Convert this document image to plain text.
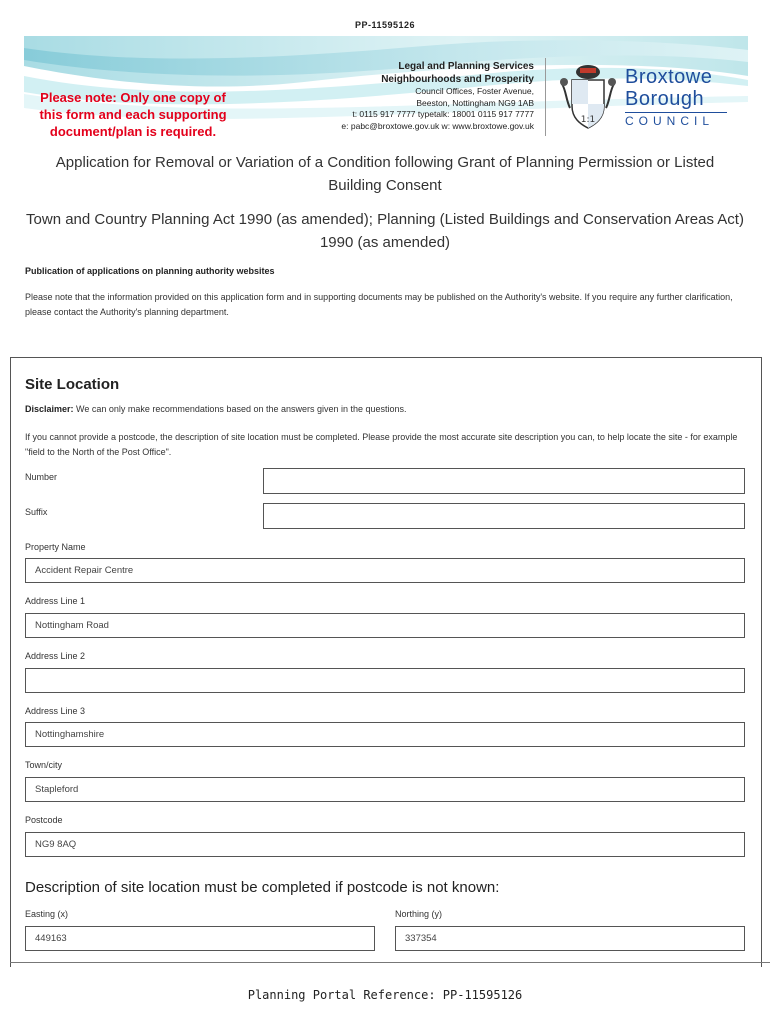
PP-11595126
Please note: Only one copy of this form and each supporting document/plan is required.
Legal and Planning Services
Neighbourhoods and Prosperity
Council Offices, Foster Avenue,
Beeston, Nottingham NG9 1AB
t: 0115 917 7777 typetalk: 18001 0115 917 7777
e: pabc@broxtowe.gov.uk w: www.broxtowe.gov.uk
1:1
Broxtowe
Borough
COUNCIL
Application for Removal or Variation of a Condition following Grant of Planning Permission or Listed Building Consent
Town and Country Planning Act 1990 (as amended); Planning (Listed Buildings and Conservation Areas Act) 1990 (as amended)
Publication of applications on planning authority websites
Please note that the information provided on this application form and in supporting documents may be published on the Authority's website. If you require any further clarification, please contact the Authority's planning department.
Site Location
Disclaimer: We can only make recommendations based on the answers given in the questions.
If you cannot provide a postcode, the description of site location must be completed. Please provide the most accurate site description you can, to help locate the site - for example "field to the North of the Post Office".
Number
Suffix
Property Name
Accident Repair Centre
Address Line 1
Nottingham Road
Address Line 2
Address Line 3
Nottinghamshire
Town/city
Stapleford
Postcode
NG9 8AQ
Description of site location must be completed if postcode is not known:
Easting (x)
449163
Northing (y)
337354
Planning Portal Reference: PP-11595126
